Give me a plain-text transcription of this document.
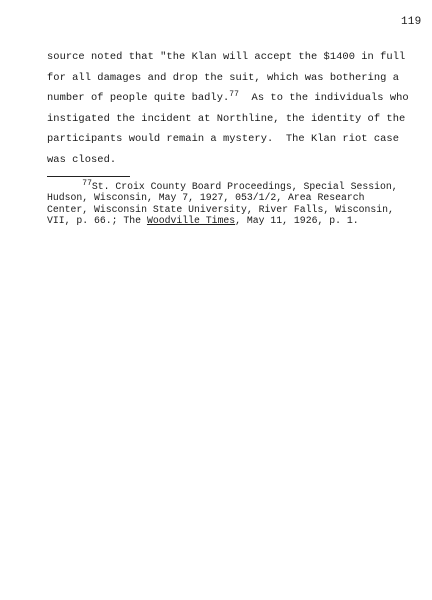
119
source noted that "the Klan will accept the $1400 in full
for all damages and drop the suit, which was bothering a
number of people quite badly.$^{77}$  As to the individuals who
instigated the incident at Northline, the identity of the
participants would remain a mystery.  The Klan riot case
was closed.
$^{77}$St. Croix County Board Proceedings, Special Session,
Hudson, Wisconsin, May 7, 1927, 053/1/2, Area Research
Center, Wisconsin State University, River Falls, Wisconsin,
VII, p. 66.; The Woodville Times, May 11, 1926, p. 1.
